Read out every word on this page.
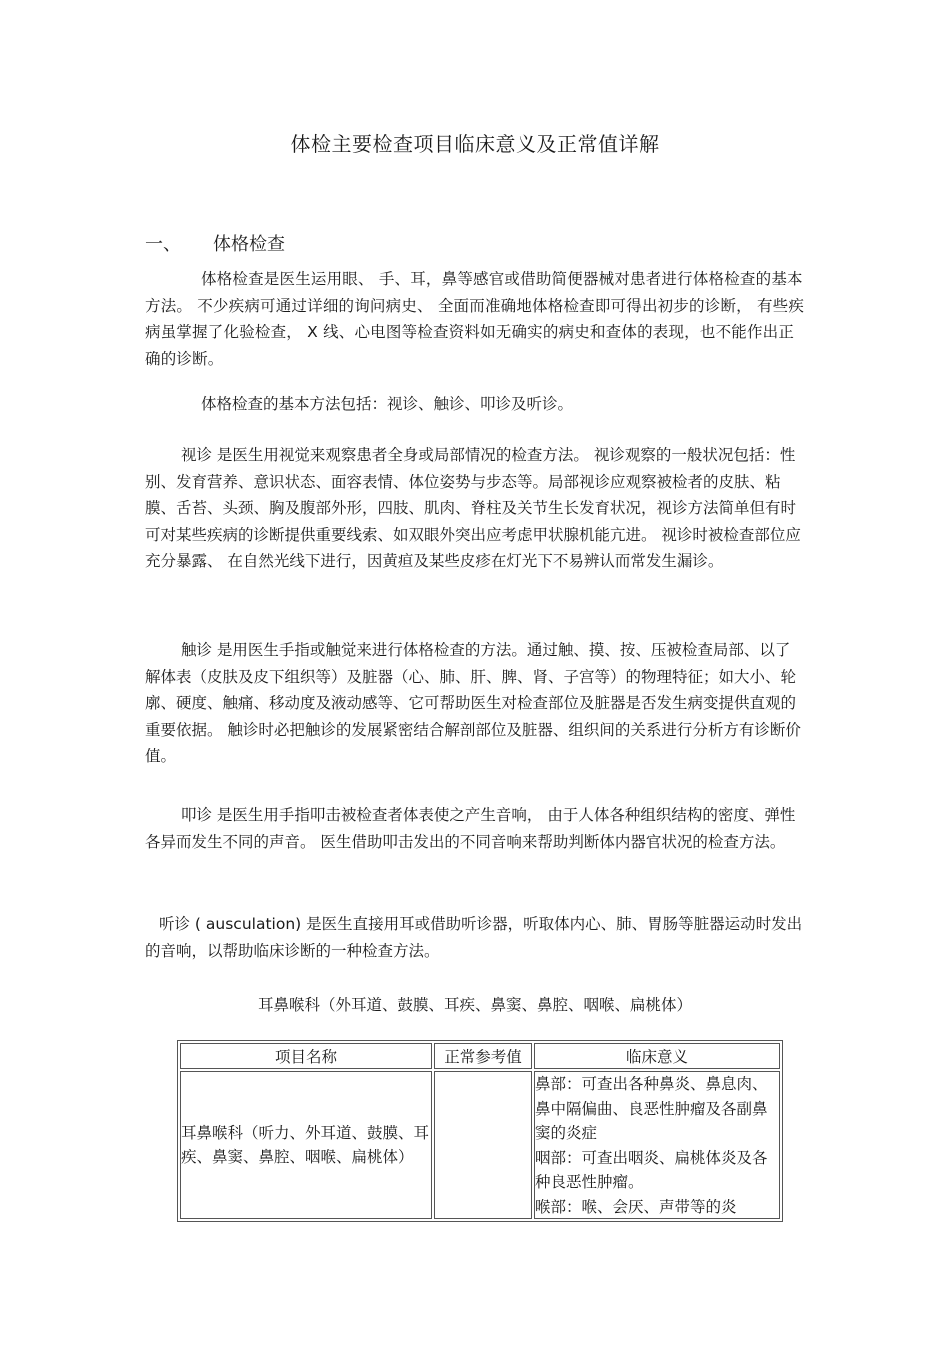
体检主要检查项目临床意义及正常值详解
一、 体格检查

体格检查是医生运用眼、 手、耳，鼻等感官或借助简便器械对患者进行体格检查的基本方法。 不少疾病可通过详细的询问病史、 全面而准确地体格检查即可得出初步的诊断， 有些疾病虽掌握了化验检查， X 线、心电图等检查资料如无确实的病史和查体的表现，也不能作出正确的诊断。

体格检查的基本方法包括：视诊、触诊、叩诊及听诊。

视诊 是医生用视觉来观察患者全身或局部情况的检查方法。 视诊观察的一般状况包括：性别、发育营养、意识状态、面容表情、体位姿势与步态等。局部视诊应观察被检者的皮肤、粘膜、舌苔、头颈、胸及腹部外形，四肢、肌肉、脊柱及关节生长发育状况，视诊方法简单但有时可对某些疾病的诊断提供重要线索、如双眼外突出应考虑甲状腺机能亢进。 视诊时被检查部位应充分暴露、 在自然光线下进行，因黄疸及某些皮疹在灯光下不易辨认而常发生漏诊。

触诊 是用医生手指或触觉来进行体格检查的方法。通过触、摸、按、压被检查局部、以了解体表（皮肤及皮下组织等）及脏器（心、肺、肝、脾、肾、子宫等）的物理特征；如大小、轮廓、硬度、触痛、移动度及液动感等、它可帮助医生对检查部位及脏器是否发生病变提供直观的重要依据。 触诊时必把触诊的发展紧密结合解剖部位及脏器、组织间的关系进行分析方有诊断价值。

叩诊 是医生用手指叩击被检查者体表使之产生音响， 由于人体各种组织结构的密度、弹性各异而发生不同的声音。 医生借助叩击发出的不同音响来帮助判断体内器官状况的检查方法。

听诊 ( ausculation) 是医生直接用耳或借助听诊器，听取体内心、肺、胃肠等脏器运动时发出的音响，以帮助临床诊断的一种检查方法。

耳鼻喉科（外耳道、鼓膜、耳疾、鼻窦、鼻腔、咽喉、扁桃体）
项目名称	正常参考值	临床意义
耳鼻喉科（听力、外耳道、鼓膜、耳疾、鼻窦、鼻腔、咽喉、扁桃体）		鼻部：可查出各种鼻炎、鼻息肉、鼻中隔偏曲、良恶性肿瘤及各副鼻窦的炎症
咽部：可查出咽炎、扁桃体炎及各种良恶性肿瘤。
喉部：喉、会厌、声带等的炎
